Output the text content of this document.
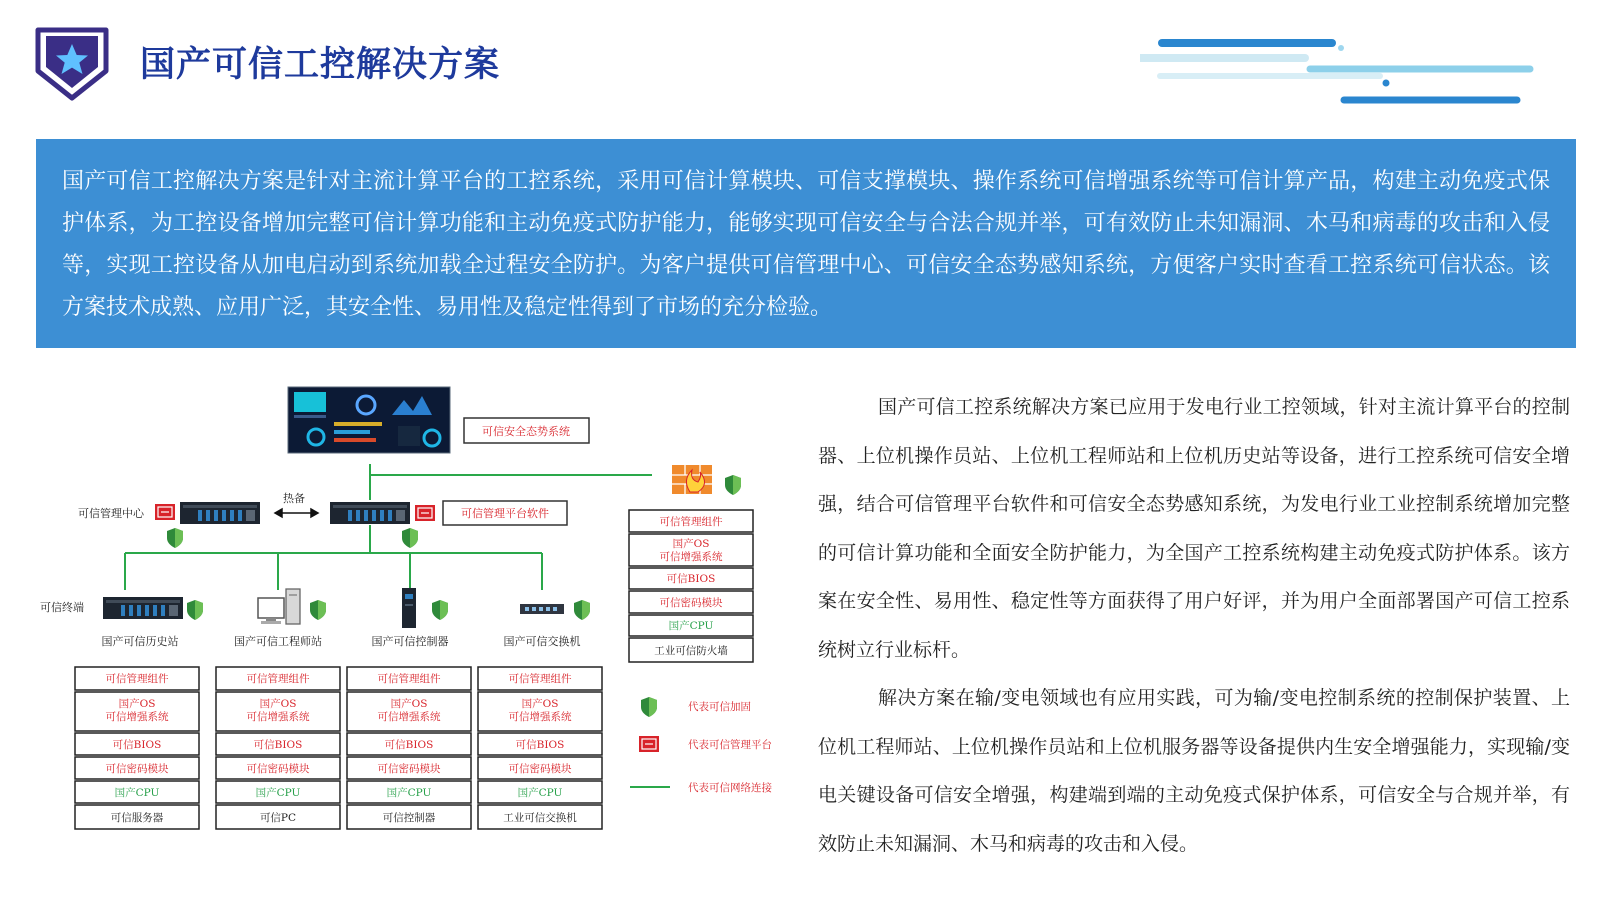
国产可信工控解决方案

国产可信工控解决方案是针对主流计算平台的工控系统，采用可信计算模块、可信支撑模块、操作系统可信增强系统等可信计算产品，构建主动免疫式保护体系，为工控设备增加完整可信计算功能和主动免疫式防护能力，能够实现可信安全与合法合规并举，可有效防止未知漏洞、木马和病毒的攻击和入侵等，实现工控设备从加电启动到系统加载全过程安全防护。为客户提供可信管理中心、可信安全态势感知系统，方便客户实时查看工控系统可信状态。该方案技术成熟、应用广泛，其安全性、易用性及稳定性得到了市场的充分检验。

可信安全态势系统
可信管理中心
热备
可信管理平台软件
可信终端
国产可信历史站	国产可信工程师站	国产可信控制器	国产可信交换机
可信管理组件
国产OS
可信增强系统
可信BIOS
可信密码模块
国产CPU
可信服务器
可信管理组件
国产OS
可信增强系统
可信BIOS
可信密码模块
国产CPU
可信PC
可信管理组件
国产OS
可信增强系统
可信BIOS
可信密码模块
国产CPU
可信控制器
可信管理组件
国产OS
可信增强系统
可信BIOS
可信密码模块
国产CPU
工业可信交换机
可信管理组件
国产OS
可信增强系统
可信BIOS
可信密码模块
国产CPU
工业可信防火墙
代表可信加固
代表可信管理平台
代表可信网络连接

国产可信工控系统解决方案已应用于发电行业工控领域，针对主流计算平台的控制器、上位机操作员站、上位机工程师站和上位机历史站等设备，进行工控系统可信安全增强，结合可信管理平台软件和可信安全态势感知系统，为发电行业工业控制系统增加完整的可信计算功能和全面安全防护能力，为全国产工控系统构建主动免疫式防护体系。该方案在安全性、易用性、稳定性等方面获得了用户好评，并为用户全面部署国产可信工控系统树立行业标杆。

解决方案在输/变电领域也有应用实践，可为输/变电控制系统的控制保护装置、上位机工程师站、上位机操作员站和上位机服务器等设备提供内生安全增强能力，实现输/变电关键设备可信安全增强，构建端到端的主动免疫式保护体系，可信安全与合规并举，有效防止未知漏洞、木马和病毒的攻击和入侵。
